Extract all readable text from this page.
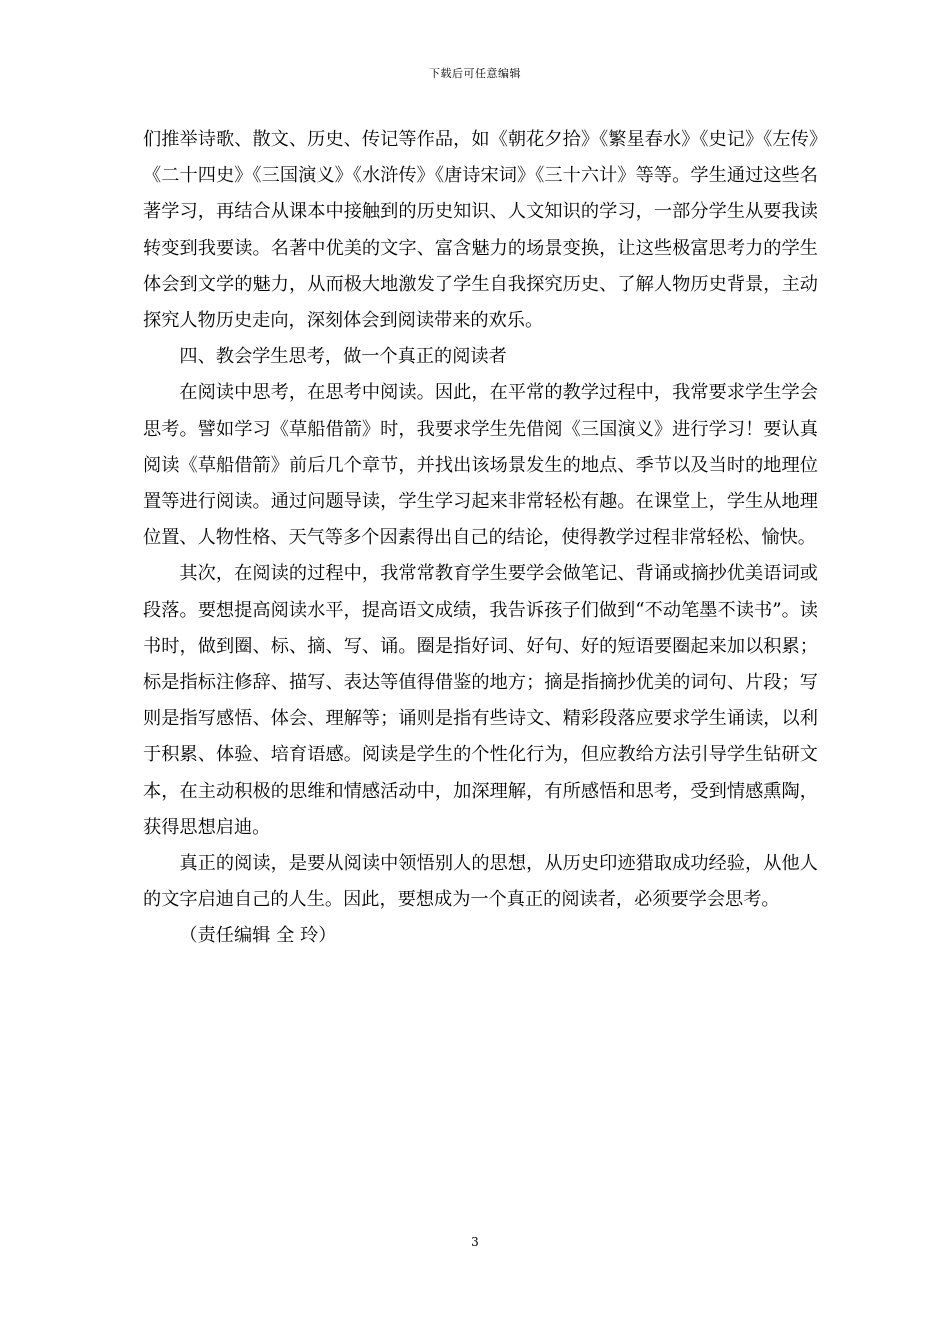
下载后可任意编辑

们推举诗歌、散文、历史、传记等作品，如《朝花夕拾》《繁星春水》《史记》《左传》《二十四史》《三国演义》《水浒传》《唐诗宋词》《三十六计》等等。学生通过这些名著学习，再结合从课本中接触到的历史知识、人文知识的学习，一部分学生从要我读转变到我要读。名著中优美的文字、富含魅力的场景变换，让这些极富思考力的学生体会到文学的魅力，从而极大地激发了学生自我探究历史、了解人物历史背景，主动探究人物历史走向，深刻体会到阅读带来的欢乐。

四、教会学生思考，做一个真正的阅读者

在阅读中思考，在思考中阅读。因此，在平常的教学过程中，我常要求学生学会思考。譬如学习《草船借箭》时，我要求学生先借阅《三国演义》进行学习！要认真阅读《草船借箭》前后几个章节，并找出该场景发生的地点、季节以及当时的地理位置等进行阅读。通过问题导读，学生学习起来非常轻松有趣。在课堂上，学生从地理位置、人物性格、天气等多个因素得出自己的结论，使得教学过程非常轻松、愉快。

其次，在阅读的过程中，我常常教育学生要学会做笔记、背诵或摘抄优美语词或段落。要想提高阅读水平，提高语文成绩，我告诉孩子们做到“不动笔墨不读书”。读书时，做到圈、标、摘、写、诵。圈是指好词、好句、好的短语要圈起来加以积累；标是指标注修辞、描写、表达等值得借鉴的地方；摘是指摘抄优美的词句、片段；写则是指写感悟、体会、理解等；诵则是指有些诗文、精彩段落应要求学生诵读，以利于积累、体验、培育语感。阅读是学生的个性化行为，但应教给方法引导学生钻研文本，在主动积极的思维和情感活动中，加深理解，有所感悟和思考，受到情感熏陶，获得思想启迪。

真正的阅读，是要从阅读中领悟别人的思想，从历史印迹猎取成功经验，从他人的文字启迪自己的人生。因此，要想成为一个真正的阅读者，必须要学会思考。

（责任编辑 全 玲）

3
